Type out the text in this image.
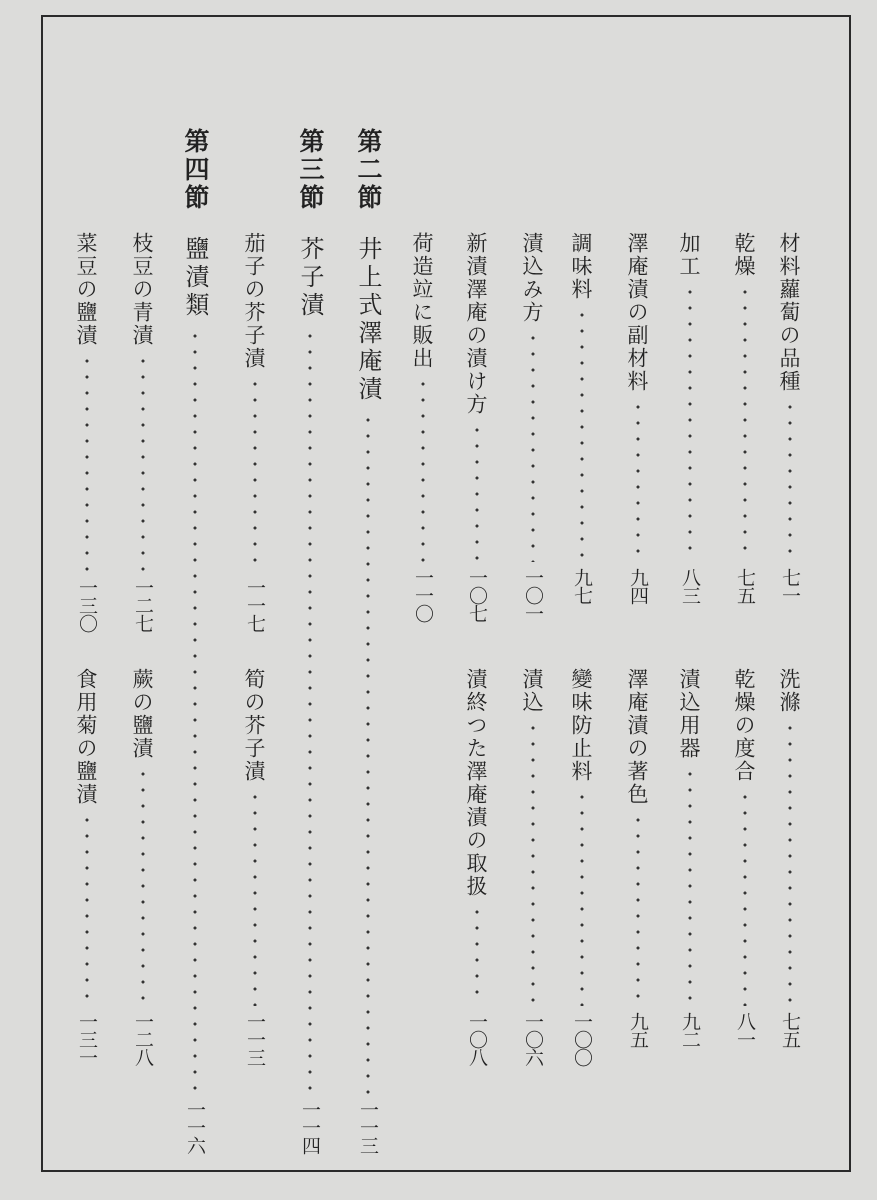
材料蘿蔔の品種
七一
乾燥
七五
加工
八三
澤庵漬の副材料
九四
調味料
九七
漬込み方
一〇一
新漬澤庵の漬け方
一〇七
荷造竝に販出
一一〇
洗滌
七五
乾燥の度合
八一
漬込用器
九二
澤庵漬の著色
九五
變味防止料
一〇〇
漬込
一〇六
漬終つた澤庵漬の取扱
一〇八
第二節
井上式澤庵漬
一一三
第三節
芥子漬
一一四
第四節
鹽漬類
一一六
茄子の芥子漬
一一七
枝豆の青漬
一二七
菜豆の鹽漬
一三〇
筍の芥子漬
一一三
蕨の鹽漬
一二八
食用菊の鹽漬
一三一
